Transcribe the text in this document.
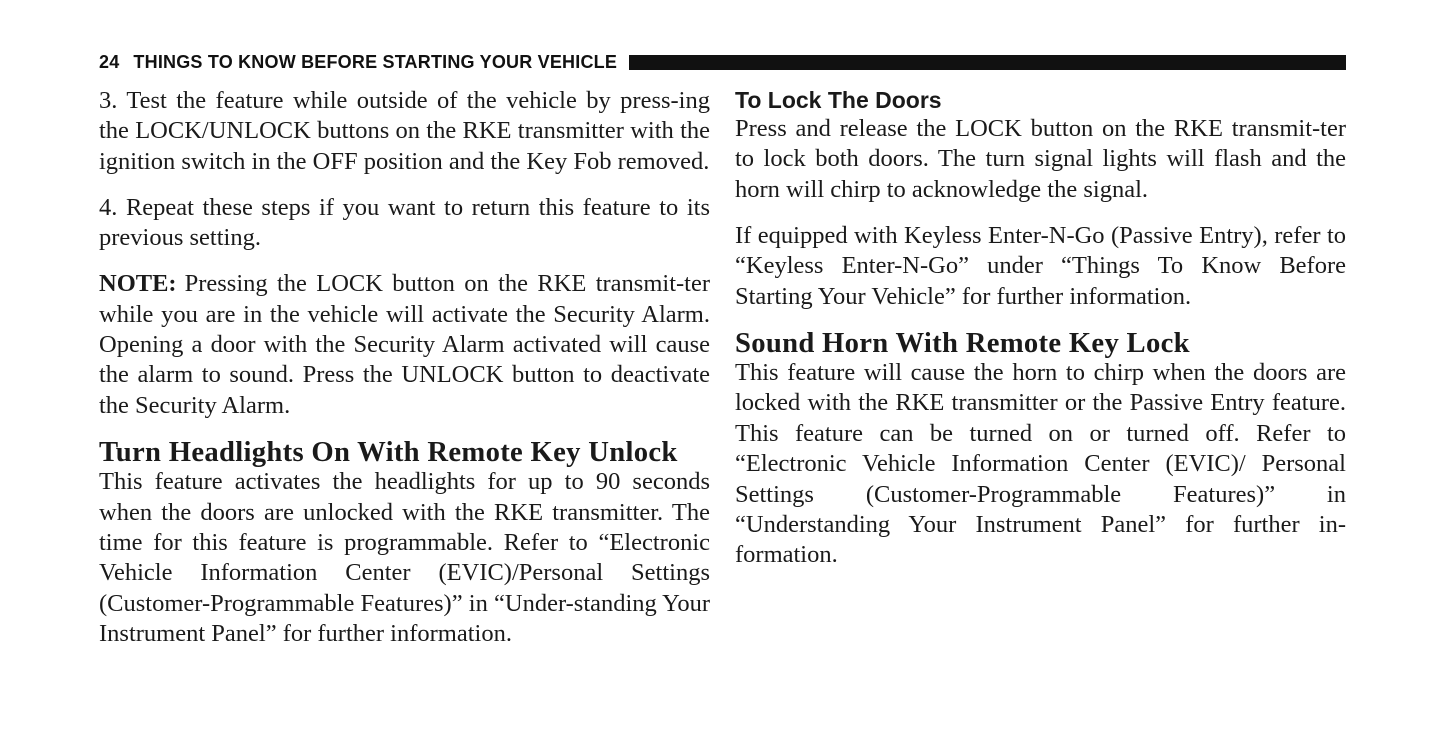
24 THINGS TO KNOW BEFORE STARTING YOUR VEHICLE

3. Test the feature while outside of the vehicle by press-ing the LOCK/UNLOCK buttons on the RKE transmitter with the ignition switch in the OFF position and the Key Fob removed.

4. Repeat these steps if you want to return this feature to its previous setting.

NOTE: Pressing the LOCK button on the RKE transmit-ter while you are in the vehicle will activate the Security Alarm. Opening a door with the Security Alarm activated will cause the alarm to sound. Press the UNLOCK button to deactivate the Security Alarm.

Turn Headlights On With Remote Key Unlock

This feature activates the headlights for up to 90 seconds when the doors are unlocked with the RKE transmitter. The time for this feature is programmable. Refer to “Electronic Vehicle Information Center (EVIC)/Personal Settings (Customer-Programmable Features)” in “Under-standing Your Instrument Panel” for further information.

To Lock The Doors

Press and release the LOCK button on the RKE transmit-ter to lock both doors. The turn signal lights will flash and the horn will chirp to acknowledge the signal.

If equipped with Keyless Enter-N-Go (Passive Entry), refer to “Keyless Enter-N-Go” under “Things To Know Before Starting Your Vehicle” for further information.

Sound Horn With Remote Key Lock

This feature will cause the horn to chirp when the doors are locked with the RKE transmitter or the Passive Entry feature. This feature can be turned on or turned off. Refer to “Electronic Vehicle Information Center (EVIC)/ Personal Settings (Customer-Programmable Features)” in “Understanding Your Instrument Panel” for further in-formation.
